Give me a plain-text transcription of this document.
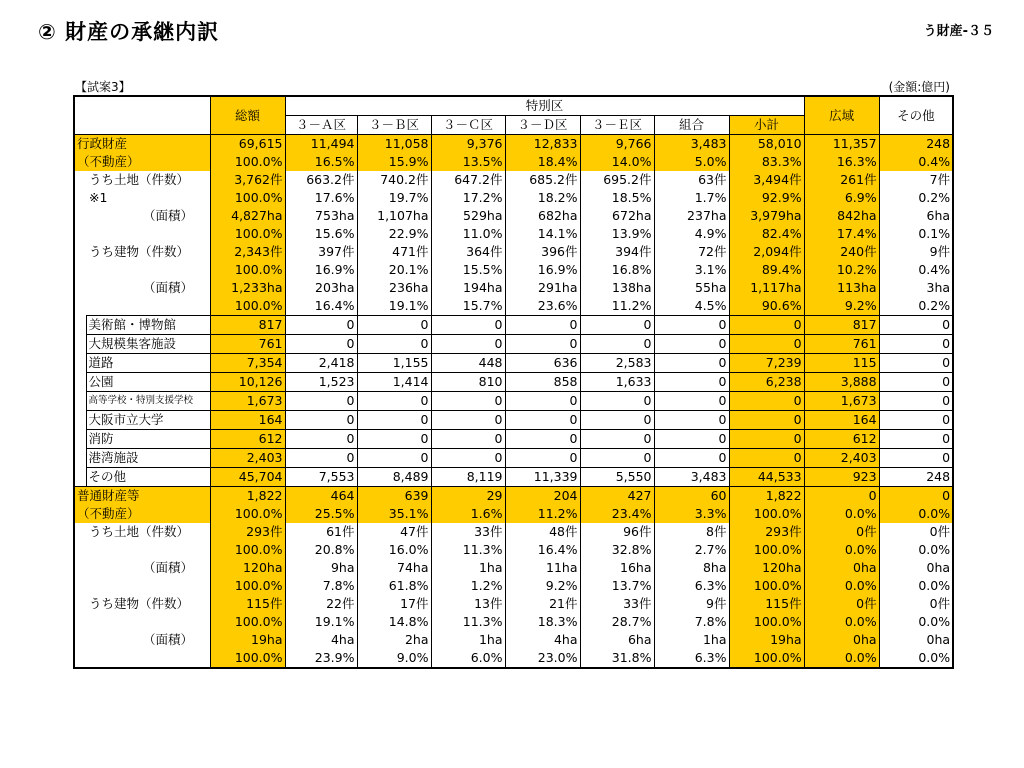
② 財産の承継内訳	う財産-３５
【試案3】	(金額:億円)
		総額	特別区							広域	その他
			３－Ａ区	３－Ｂ区	３－Ｃ区	３－Ｄ区	３－Ｅ区	組合	小計		
行政財産		69,615	11,494	11,058	9,376	12,833	9,766	3,483	58,010	11,357	248
（不動産）		100.0%	16.5%	15.9%	13.5%	18.4%	14.0%	5.0%	83.3%	16.3%	0.4%
うち土地（件数）		3,762件	663.2件	740.2件	647.2件	685.2件	695.2件	63件	3,494件	261件	7件
※1		100.0%	17.6%	19.7%	17.2%	18.2%	18.5%	1.7%	92.9%	6.9%	0.2%
（面積）		4,827ha	753ha	1,107ha	529ha	682ha	672ha	237ha	3,979ha	842ha	6ha
		100.0%	15.6%	22.9%	11.0%	14.1%	13.9%	4.9%	82.4%	17.4%	0.1%
うち建物（件数）		2,343件	397件	471件	364件	396件	394件	72件	2,094件	240件	9件
		100.0%	16.9%	20.1%	15.5%	16.9%	16.8%	3.1%	89.4%	10.2%	0.4%
（面積）		1,233ha	203ha	236ha	194ha	291ha	138ha	55ha	1,117ha	113ha	3ha
		100.0%	16.4%	19.1%	15.7%	23.6%	11.2%	4.5%	90.6%	9.2%	0.2%
	美術館・博物館	817	0	0	0	0	0	0	0	817	0
	大規模集客施設	761	0	0	0	0	0	0	0	761	0
	道路	7,354	2,418	1,155	448	636	2,583	0	7,239	115	0
	公園	10,126	1,523	1,414	810	858	1,633	0	6,238	3,888	0
	高等学校・特別支援学校	1,673	0	0	0	0	0	0	0	1,673	0
	大阪市立大学	164	0	0	0	0	0	0	0	164	0
	消防	612	0	0	0	0	0	0	0	612	0
	港湾施設	2,403	0	0	0	0	0	0	0	2,403	0
	その他	45,704	7,553	8,489	8,119	11,339	5,550	3,483	44,533	923	248
普通財産等		1,822	464	639	29	204	427	60	1,822	0	0
（不動産）		100.0%	25.5%	35.1%	1.6%	11.2%	23.4%	3.3%	100.0%	0.0%	0.0%
うち土地（件数）		293件	61件	47件	33件	48件	96件	8件	293件	0件	0件
		100.0%	20.8%	16.0%	11.3%	16.4%	32.8%	2.7%	100.0%	0.0%	0.0%
（面積）		120ha	9ha	74ha	1ha	11ha	16ha	8ha	120ha	0ha	0ha
		100.0%	7.8%	61.8%	1.2%	9.2%	13.7%	6.3%	100.0%	0.0%	0.0%
うち建物（件数）		115件	22件	17件	13件	21件	33件	9件	115件	0件	0件
		100.0%	19.1%	14.8%	11.3%	18.3%	28.7%	7.8%	100.0%	0.0%	0.0%
（面積）		19ha	4ha	2ha	1ha	4ha	6ha	1ha	19ha	0ha	0ha
		100.0%	23.9%	9.0%	6.0%	23.0%	31.8%	6.3%	100.0%	0.0%	0.0%
